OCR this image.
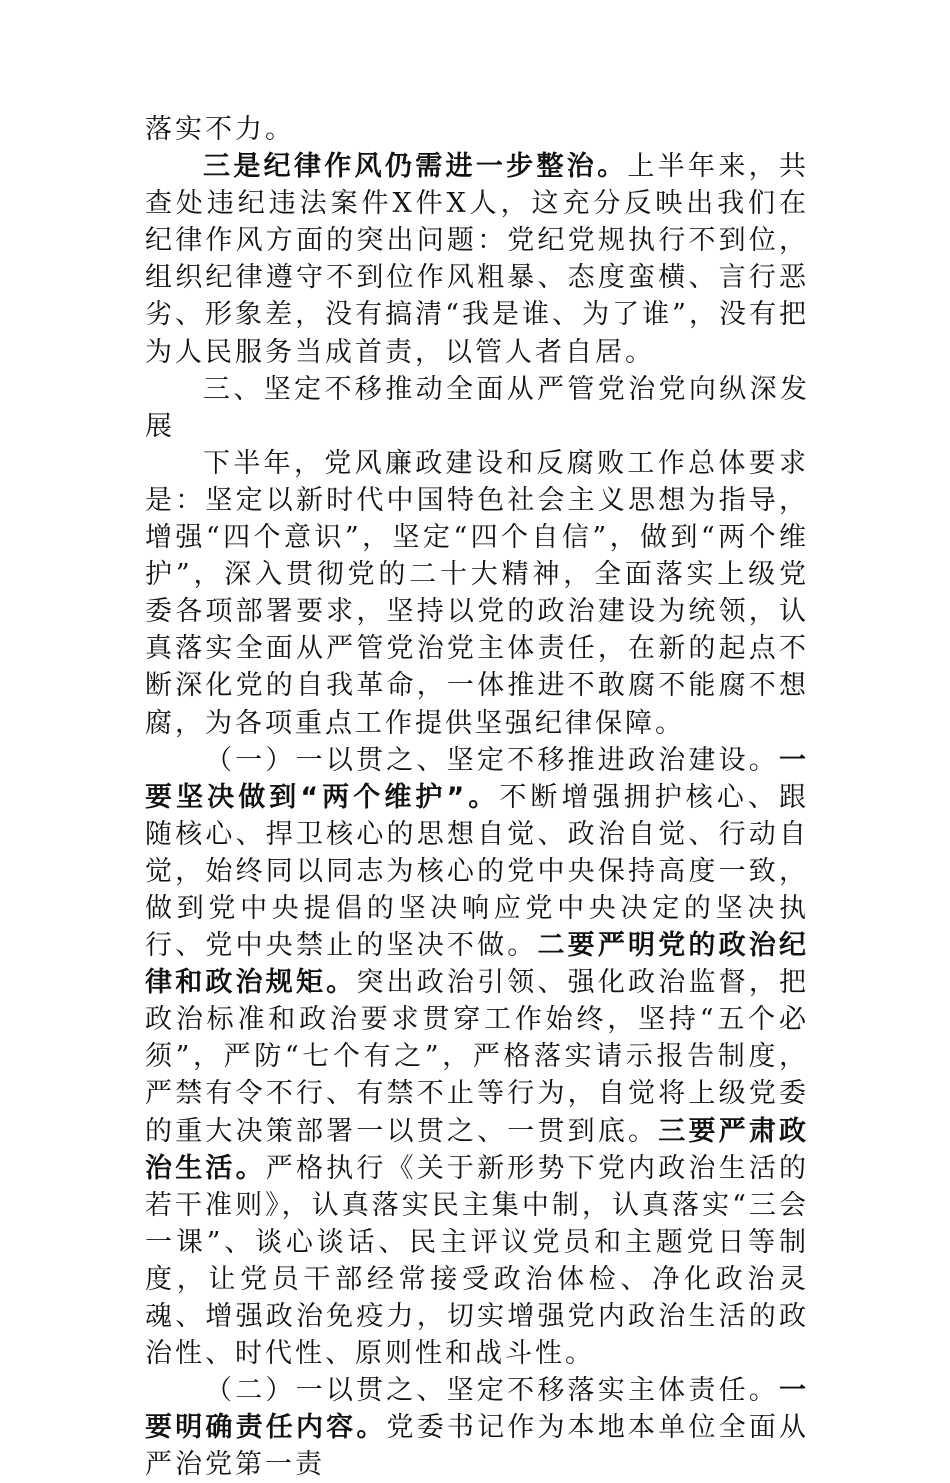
落实不力。

三是纪律作风仍需进一步整治。上半年来，共查处违纪违法案件X件X人，这充分反映出我们在纪律作风方面的突出问题：党纪党规执行不到位，组织纪律遵守不到位作风粗暴、态度蛮横、言行恶劣、形象差，没有搞清“我是谁、为了谁”，没有把为人民服务当成首责，以管人者自居。

三、坚定不移推动全面从严管党治党向纵深发展

下半年，党风廉政建设和反腐败工作总体要求是：坚定以新时代中国特色社会主义思想为指导，增强“四个意识”，坚定“四个自信”，做到“两个维护”，深入贯彻党的二十大精神，全面落实上级党委各项部署要求，坚持以党的政治建设为统领，认真落实全面从严管党治党主体责任，在新的起点不断深化党的自我革命，一体推进不敢腐不能腐不想腐，为各项重点工作提供坚强纪律保障。

（一）一以贯之、坚定不移推进政治建设。一要坚决做到“两个维护”。不断增强拥护核心、跟随核心、捍卫核心的思想自觉、政治自觉、行动自觉，始终同以同志为核心的党中央保持高度一致，做到党中央提倡的坚决响应党中央决定的坚决执行、党中央禁止的坚决不做。二要严明党的政治纪律和政治规矩。突出政治引领、强化政治监督，把政治标准和政治要求贯穿工作始终，坚持“五个必须”，严防“七个有之”，严格落实请示报告制度，严禁有令不行、有禁不止等行为，自觉将上级党委的重大决策部署一以贯之、一贯到底。三要严肃政治生活。严格执行《关于新形势下党内政治生活的若干准则》，认真落实民主集中制，认真落实“三会一课”、谈心谈话、民主评议党员和主题党日等制度，让党员干部经常接受政治体检、净化政治灵魂、增强政治免疫力，切实增强党内政治生活的政治性、时代性、原则性和战斗性。

（二）一以贯之、坚定不移落实主体责任。一要明确责任内容。党委书记作为本地本单位全面从严治党第一责
